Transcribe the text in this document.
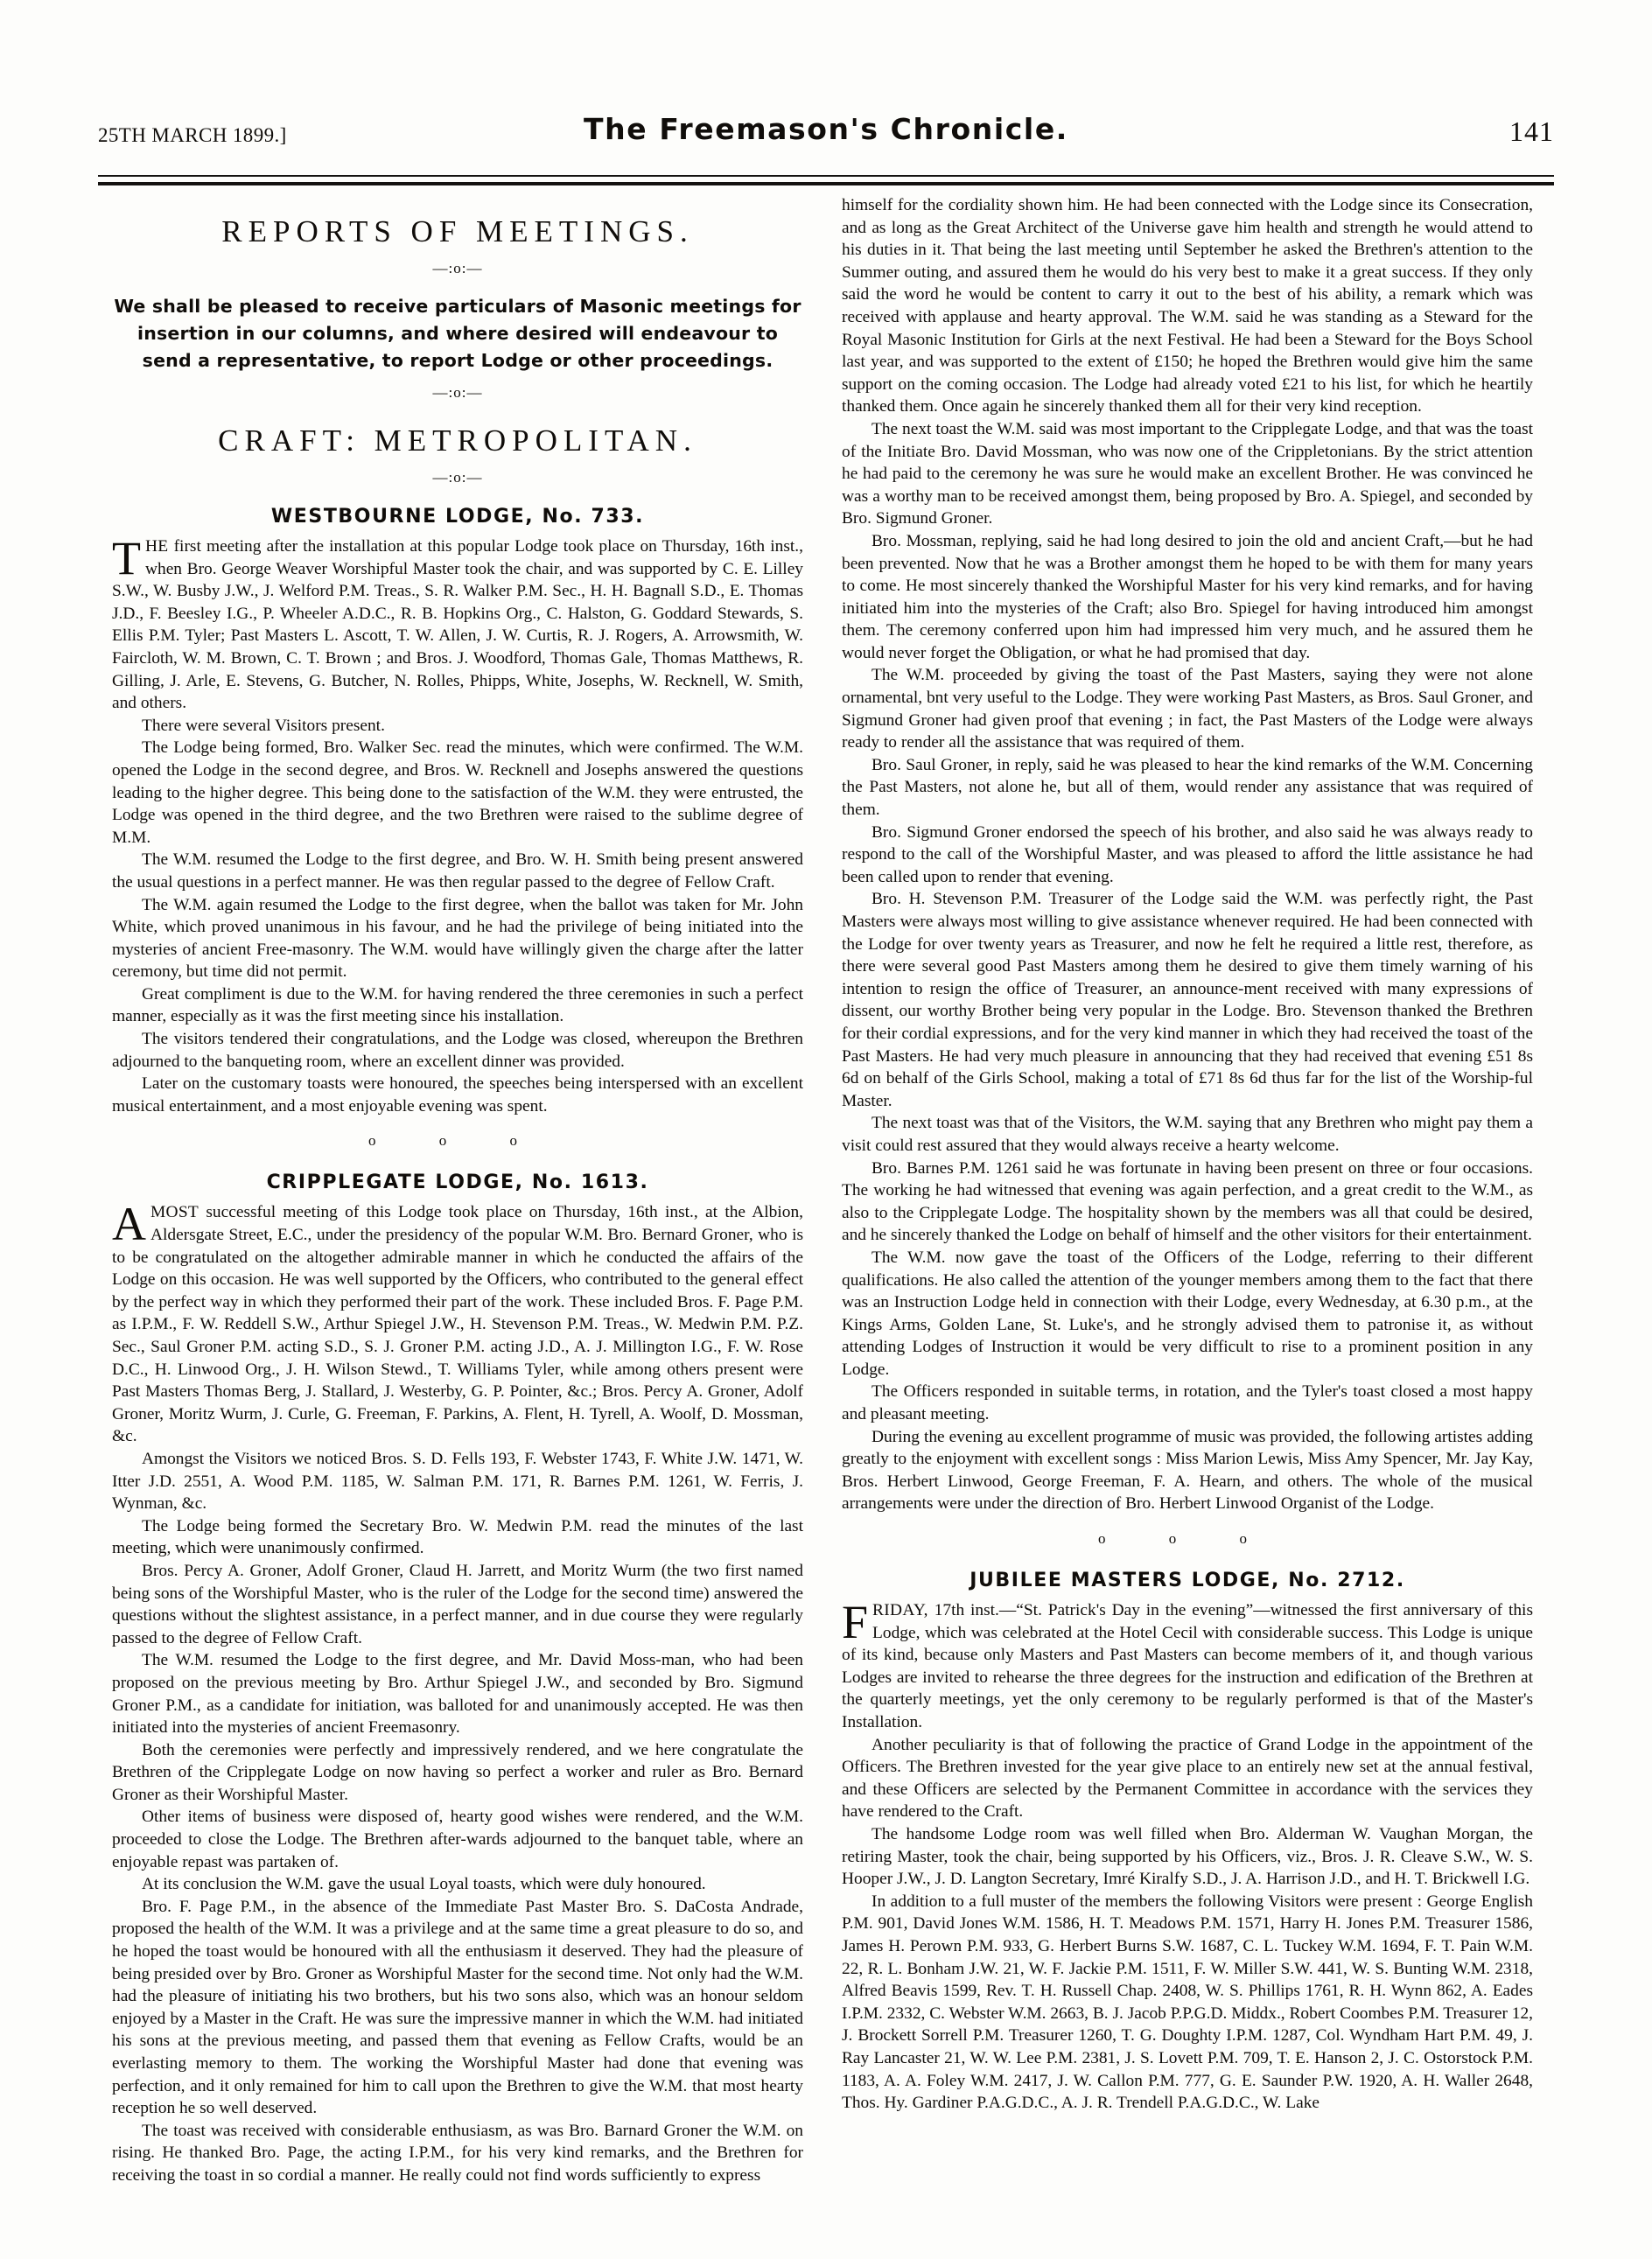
25TH MARCH 1899.]	The Freemason's Chronicle.	141
REPORTS OF MEETINGS.
—:o:—

We shall be pleased to receive particulars of Masonic meetings for insertion in our columns, and where desired will endeavour to send a representative, to report Lodge or other proceedings.

—:o:—
CRAFT: METROPOLITAN.
—:o:—
WESTBOURNE LODGE, No. 733.

THE first meeting after the installation at this popular Lodge took place on Thursday, 16th inst., when Bro. George Weaver Worshipful Master took the chair, and was supported by C. E. Lilley S.W., W. Busby J.W., J. Welford P.M. Treas., S. R. Walker P.M. Sec., H. H. Bagnall S.D., E. Thomas J.D., F. Beesley I.G., P. Wheeler A.D.C., R. B. Hopkins Org., C. Halston, G. Goddard Stewards, S. Ellis P.M. Tyler; Past Masters L. Ascott, T. W. Allen, J. W. Curtis, R. J. Rogers, A. Arrowsmith, W. Faircloth, W. M. Brown, C. T. Brown ; and Bros. J. Woodford, Thomas Gale, Thomas Matthews, R. Gilling, J. Arle, E. Stevens, G. Butcher, N. Rolles, Phipps, White, Josephs, W. Recknell, W. Smith, and others.

There were several Visitors present.

The Lodge being formed, Bro. Walker Sec. read the minutes, which were confirmed. The W.M. opened the Lodge in the second degree, and Bros. W. Recknell and Josephs answered the questions leading to the higher degree. This being done to the satisfaction of the W.M. they were entrusted, the Lodge was opened in the third degree, and the two Brethren were raised to the sublime degree of M.M.

The W.M. resumed the Lodge to the first degree, and Bro. W. H. Smith being present answered the usual questions in a perfect manner. He was then regular passed to the degree of Fellow Craft.

The W.M. again resumed the Lodge to the first degree, when the ballot was taken for Mr. John White, which proved unanimous in his favour, and he had the privilege of being initiated into the mysteries of ancient Free-masonry. The W.M. would have willingly given the charge after the latter ceremony, but time did not permit.

Great compliment is due to the W.M. for having rendered the three ceremonies in such a perfect manner, especially as it was the first meeting since his installation.

The visitors tendered their congratulations, and the Lodge was closed, whereupon the Brethren adjourned to the banqueting room, where an excellent dinner was provided.

Later on the customary toasts were honoured, the speeches being interspersed with an excellent musical entertainment, and a most enjoyable evening was spent.

o o o
CRIPPLEGATE LODGE, No. 1613.

AMOST successful meeting of this Lodge took place on Thursday, 16th inst., at the Albion, Aldersgate Street, E.C., under the presidency of the popular W.M. Bro. Bernard Groner, who is to be congratulated on the altogether admirable manner in which he conducted the affairs of the Lodge on this occasion. He was well supported by the Officers, who contributed to the general effect by the perfect way in which they performed their part of the work. These included Bros. F. Page P.M. as I.P.M., F. W. Reddell S.W., Arthur Spiegel J.W., H. Stevenson P.M. Treas., W. Medwin P.M. P.Z. Sec., Saul Groner P.M. acting S.D., S. J. Groner P.M. acting J.D., A. J. Millington I.G., F. W. Rose D.C., H. Linwood Org., J. H. Wilson Stewd., T. Williams Tyler, while among others present were Past Masters Thomas Berg, J. Stallard, J. Westerby, G. P. Pointer, &c.; Bros. Percy A. Groner, Adolf Groner, Moritz Wurm, J. Curle, G. Freeman, F. Parkins, A. Flent, H. Tyrell, A. Woolf, D. Mossman, &c.

Amongst the Visitors we noticed Bros. S. D. Fells 193, F. Webster 1743, F. White J.W. 1471, W. Itter J.D. 2551, A. Wood P.M. 1185, W. Salman P.M. 171, R. Barnes P.M. 1261, W. Ferris, J. Wynman, &c.

The Lodge being formed the Secretary Bro. W. Medwin P.M. read the minutes of the last meeting, which were unanimously confirmed.

Bros. Percy A. Groner, Adolf Groner, Claud H. Jarrett, and Moritz Wurm (the two first named being sons of the Worshipful Master, who is the ruler of the Lodge for the second time) answered the questions without the slightest assistance, in a perfect manner, and in due course they were regularly passed to the degree of Fellow Craft.

The W.M. resumed the Lodge to the first degree, and Mr. David Moss-man, who had been proposed on the previous meeting by Bro. Arthur Spiegel J.W., and seconded by Bro. Sigmund Groner P.M., as a candidate for initiation, was balloted for and unanimously accepted. He was then initiated into the mysteries of ancient Freemasonry.

Both the ceremonies were perfectly and impressively rendered, and we here congratulate the Brethren of the Cripplegate Lodge on now having so perfect a worker and ruler as Bro. Bernard Groner as their Worshipful Master.

Other items of business were disposed of, hearty good wishes were rendered, and the W.M. proceeded to close the Lodge. The Brethren after-wards adjourned to the banquet table, where an enjoyable repast was partaken of.

At its conclusion the W.M. gave the usual Loyal toasts, which were duly honoured.

Bro. F. Page P.M., in the absence of the Immediate Past Master Bro. S. DaCosta Andrade, proposed the health of the W.M. It was a privilege and at the same time a great pleasure to do so, and he hoped the toast would be honoured with all the enthusiasm it deserved. They had the pleasure of being presided over by Bro. Groner as Worshipful Master for the second time. Not only had the W.M. had the pleasure of initiating his two brothers, but his two sons also, which was an honour seldom enjoyed by a Master in the Craft. He was sure the impressive manner in which the W.M. had initiated his sons at the previous meeting, and passed them that evening as Fellow Crafts, would be an everlasting memory to them. The working the Worshipful Master had done that evening was perfection, and it only remained for him to call upon the Brethren to give the W.M. that most hearty reception he so well deserved.

The toast was received with considerable enthusiasm, as was Bro. Barnard Groner the W.M. on rising. He thanked Bro. Page, the acting I.P.M., for his very kind remarks, and the Brethren for receiving the toast in so cordial a manner. He really could not find words sufficiently to express

himself for the cordiality shown him. He had been connected with the Lodge since its Consecration, and as long as the Great Architect of the Universe gave him health and strength he would attend to his duties in it. That being the last meeting until September he asked the Brethren's attention to the Summer outing, and assured them he would do his very best to make it a great success. If they only said the word he would be content to carry it out to the best of his ability, a remark which was received with applause and hearty approval. The W.M. said he was standing as a Steward for the Royal Masonic Institution for Girls at the next Festival. He had been a Steward for the Boys School last year, and was supported to the extent of £150; he hoped the Brethren would give him the same support on the coming occasion. The Lodge had already voted £21 to his list, for which he heartily thanked them. Once again he sincerely thanked them all for their very kind reception.

The next toast the W.M. said was most important to the Cripplegate Lodge, and that was the toast of the Initiate Bro. David Mossman, who was now one of the Crippletonians. By the strict attention he had paid to the ceremony he was sure he would make an excellent Brother. He was convinced he was a worthy man to be received amongst them, being proposed by Bro. A. Spiegel, and seconded by Bro. Sigmund Groner.

Bro. Mossman, replying, said he had long desired to join the old and ancient Craft,—but he had been prevented. Now that he was a Brother amongst them he hoped to be with them for many years to come. He most sincerely thanked the Worshipful Master for his very kind remarks, and for having initiated him into the mysteries of the Craft; also Bro. Spiegel for having introduced him amongst them. The ceremony conferred upon him had impressed him very much, and he assured them he would never forget the Obligation, or what he had promised that day.

The W.M. proceeded by giving the toast of the Past Masters, saying they were not alone ornamental, bnt very useful to the Lodge. They were working Past Masters, as Bros. Saul Groner, and Sigmund Groner had given proof that evening ; in fact, the Past Masters of the Lodge were always ready to render all the assistance that was required of them.

Bro. Saul Groner, in reply, said he was pleased to hear the kind remarks of the W.M. Concerning the Past Masters, not alone he, but all of them, would render any assistance that was required of them.

Bro. Sigmund Groner endorsed the speech of his brother, and also said he was always ready to respond to the call of the Worshipful Master, and was pleased to afford the little assistance he had been called upon to render that evening.

Bro. H. Stevenson P.M. Treasurer of the Lodge said the W.M. was perfectly right, the Past Masters were always most willing to give assistance whenever required. He had been connected with the Lodge for over twenty years as Treasurer, and now he felt he required a little rest, therefore, as there were several good Past Masters among them he desired to give them timely warning of his intention to resign the office of Treasurer, an announce-ment received with many expressions of dissent, our worthy Brother being very popular in the Lodge. Bro. Stevenson thanked the Brethren for their cordial expressions, and for the very kind manner in which they had received the toast of the Past Masters. He had very much pleasure in announcing that they had received that evening £51 8s 6d on behalf of the Girls School, making a total of £71 8s 6d thus far for the list of the Worship-ful Master.

The next toast was that of the Visitors, the W.M. saying that any Brethren who might pay them a visit could rest assured that they would always receive a hearty welcome.

Bro. Barnes P.M. 1261 said he was fortunate in having been present on three or four occasions. The working he had witnessed that evening was again perfection, and a great credit to the W.M., as also to the Cripplegate Lodge. The hospitality shown by the members was all that could be desired, and he sincerely thanked the Lodge on behalf of himself and the other visitors for their entertainment.

The W.M. now gave the toast of the Officers of the Lodge, referring to their different qualifications. He also called the attention of the younger members among them to the fact that there was an Instruction Lodge held in connection with their Lodge, every Wednesday, at 6.30 p.m., at the Kings Arms, Golden Lane, St. Luke's, and he strongly advised them to patronise it, as without attending Lodges of Instruction it would be very difficult to rise to a prominent position in any Lodge.

The Officers responded in suitable terms, in rotation, and the Tyler's toast closed a most happy and pleasant meeting.

During the evening au excellent programme of music was provided, the following artistes adding greatly to the enjoyment with excellent songs : Miss Marion Lewis, Miss Amy Spencer, Mr. Jay Kay, Bros. Herbert Linwood, George Freeman, F. A. Hearn, and others. The whole of the musical arrangements were under the direction of Bro. Herbert Linwood Organist of the Lodge.

o o o
JUBILEE MASTERS LODGE, No. 2712.

FRIDAY, 17th inst.—“St. Patrick's Day in the evening”—witnessed the first anniversary of this Lodge, which was celebrated at the Hotel Cecil with considerable success. This Lodge is unique of its kind, because only Masters and Past Masters can become members of it, and though various Lodges are invited to rehearse the three degrees for the instruction and edification of the Brethren at the quarterly meetings, yet the only ceremony to be regularly performed is that of the Master's Installation.

Another peculiarity is that of following the practice of Grand Lodge in the appointment of the Officers. The Brethren invested for the year give place to an entirely new set at the annual festival, and these Officers are selected by the Permanent Committee in accordance with the services they have rendered to the Craft.

The handsome Lodge room was well filled when Bro. Alderman W. Vaughan Morgan, the retiring Master, took the chair, being supported by his Officers, viz., Bros. J. R. Cleave S.W., W. S. Hooper J.W., J. D. Langton Secretary, Imré Kiralfy S.D., J. A. Harrison J.D., and H. T. Brickwell I.G.

In addition to a full muster of the members the following Visitors were present : George English P.M. 901, David Jones W.M. 1586, H. T. Meadows P.M. 1571, Harry H. Jones P.M. Treasurer 1586, James H. Perown P.M. 933, G. Herbert Burns S.W. 1687, C. L. Tuckey W.M. 1694, F. T. Pain W.M. 22, R. L. Bonham J.W. 21, W. F. Jackie P.M. 1511, F. W. Miller S.W. 441, W. S. Bunting W.M. 2318, Alfred Beavis 1599, Rev. T. H. Russell Chap. 2408, W. S. Phillips 1761, R. H. Wynn 862, A. Eades I.P.M. 2332, C. Webster W.M. 2663, B. J. Jacob P.P.G.D. Middx., Robert Coombes P.M. Treasurer 12, J. Brockett Sorrell P.M. Treasurer 1260, T. G. Doughty I.P.M. 1287, Col. Wyndham Hart P.M. 49, J. Ray Lancaster 21, W. W. Lee P.M. 2381, J. S. Lovett P.M. 709, T. E. Hanson 2, J. C. Ostorstock P.M. 1183, A. A. Foley W.M. 2417, J. W. Callon P.M. 777, G. E. Saunder P.W. 1920, A. H. Waller 2648, Thos. Hy. Gardiner P.A.G.D.C., A. J. R. Trendell P.A.G.D.C., W. Lake
